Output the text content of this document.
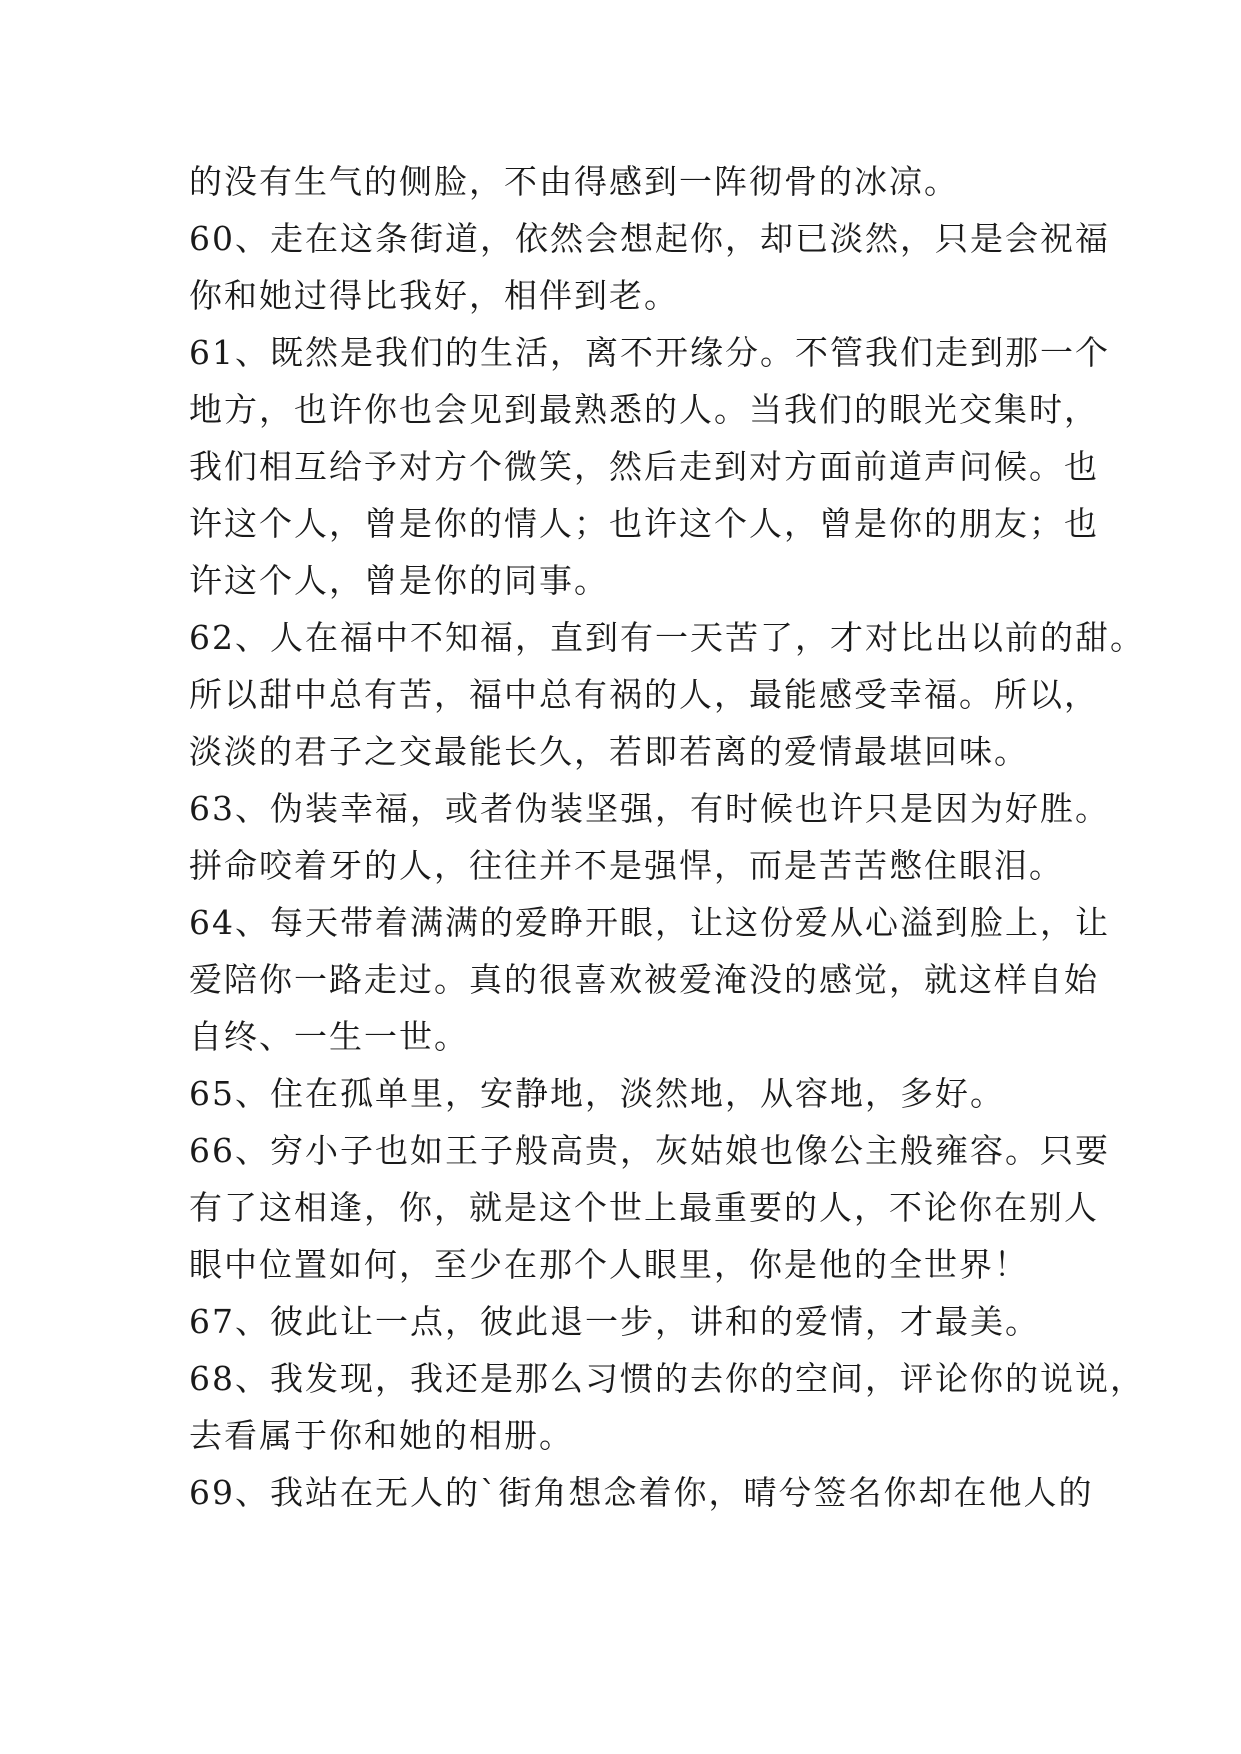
的没有生气的侧脸，不由得感到一阵彻骨的冰凉。
60、走在这条街道，依然会想起你，却已淡然，只是会祝福
你和她过得比我好，相伴到老。
61、既然是我们的生活，离不开缘分。不管我们走到那一个
地方，也许你也会见到最熟悉的人。当我们的眼光交集时，
我们相互给予对方个微笑，然后走到对方面前道声问候。也
许这个人，曾是你的情人；也许这个人，曾是你的朋友；也
许这个人，曾是你的同事。
62、人在福中不知福，直到有一天苦了，才对比出以前的甜。
所以甜中总有苦，福中总有祸的人，最能感受幸福。所以，
淡淡的君子之交最能长久，若即若离的爱情最堪回味。
63、伪装幸福，或者伪装坚强，有时候也许只是因为好胜。
拼命咬着牙的人，往往并不是强悍，而是苦苦憋住眼泪。
64、每天带着满满的爱睁开眼，让这份爱从心溢到脸上，让
爱陪你一路走过。真的很喜欢被爱淹没的感觉，就这样自始
自终、一生一世。
65、住在孤单里，安静地，淡然地，从容地，多好。
66、穷小子也如王子般高贵，灰姑娘也像公主般雍容。只要
有了这相逢，你，就是这个世上最重要的人，不论你在别人
眼中位置如何，至少在那个人眼里，你是他的全世界！
67、彼此让一点，彼此退一步，讲和的爱情，才最美。
68、我发现，我还是那么习惯的去你的空间，评论你的说说，
去看属于你和她的相册。
69、我站在无人的`街角想念着你，晴兮签名你却在他人的
